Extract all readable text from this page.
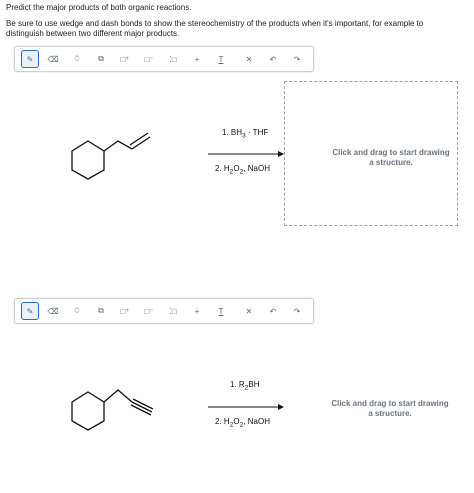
Predict the major products of both organic reactions.
Be sure to use wedge and dash bonds to show the stereochemistry of the products when it's important, for example to distinguish between two different major products.
✎	⌫	⍥	⧉	□⁺	□⁻	⁚□	+	T	✕	↶	↷
1. $BH_3$ · THF
2. $H_2O_2$, NaOH
Click and drag to start drawing a structure.
✎	⌫	⍥	⧉	□⁺	□⁻	⁚□	+	T	✕	↶	↷
1. $R_2BH$
2. $H_2O_2$, NaOH
Click and drag to start drawing a structure.
